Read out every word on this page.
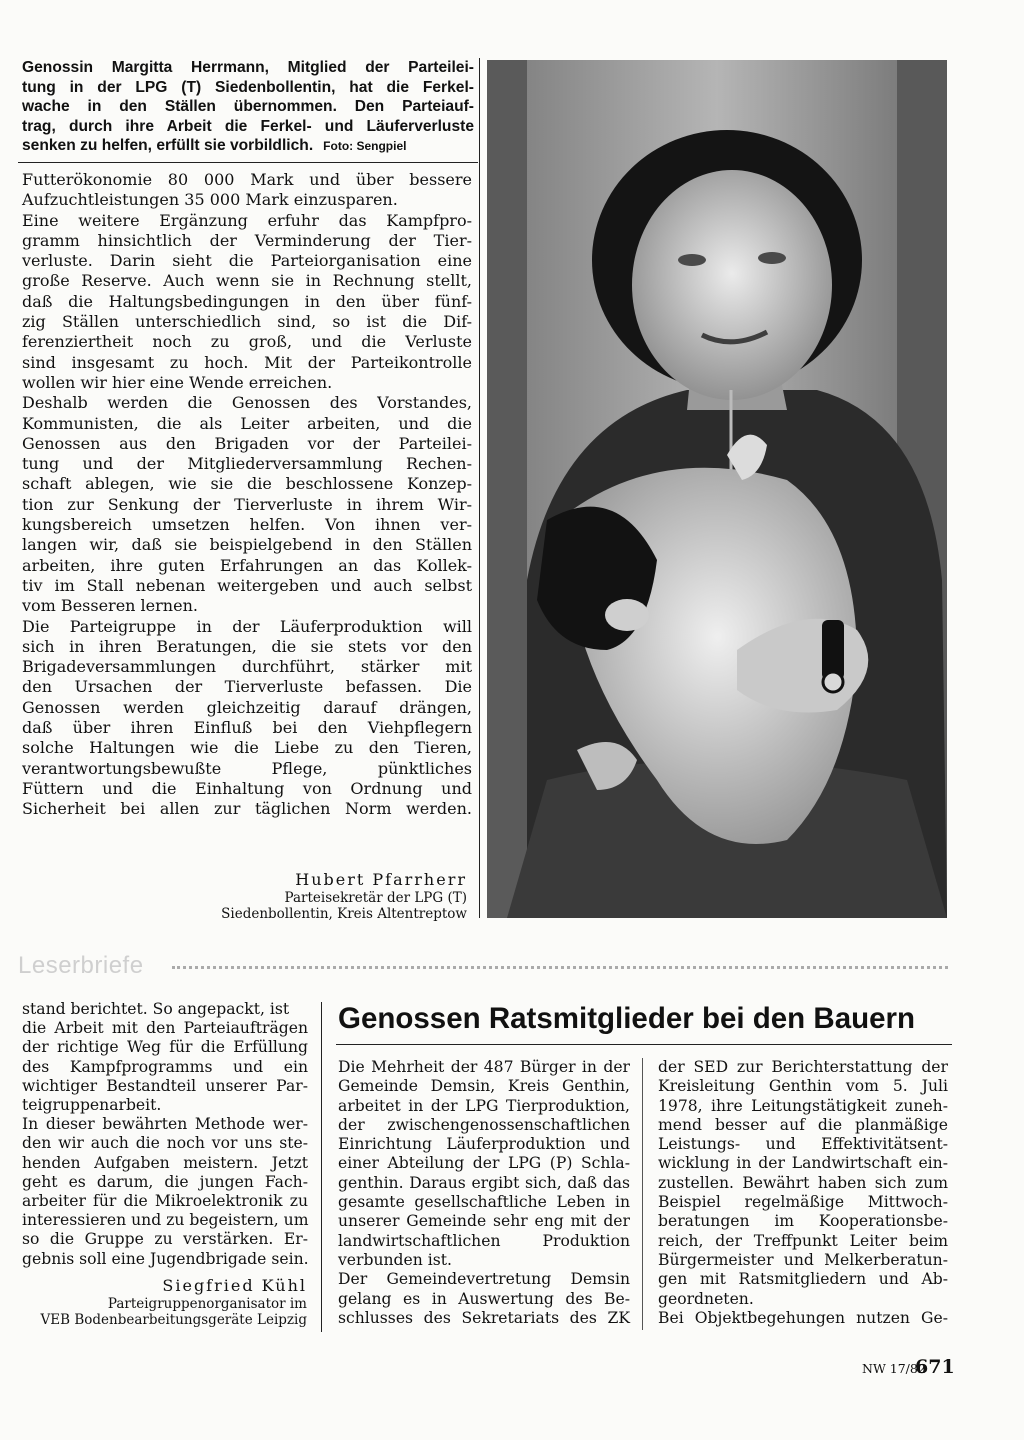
Genossin Margitta Herrmann, Mitglied der Parteilei-
tung in der LPG (T) Siedenbollentin, hat die Ferkel-
wache in den Ställen übernommen. Den Parteiauf-
trag, durch ihre Arbeit die Ferkel- und Läuferverluste
senken zu helfen, erfüllt sie vorbildlich. Foto: Sengpiel
Futterökonomie 80 000 Mark und über bessere
Aufzuchtleistungen 35 000 Mark einzusparen.
Eine weitere Ergänzung erfuhr das Kampfpro-
gramm hinsichtlich der Verminderung der Tier-
verluste. Darin sieht die Parteiorganisation eine
große Reserve. Auch wenn sie in Rechnung stellt,
daß die Haltungsbedingungen in den über fünf-
zig Ställen unterschiedlich sind, so ist die Dif-
ferenziertheit noch zu groß, und die Verluste
sind insgesamt zu hoch. Mit der Parteikontrolle
wollen wir hier eine Wende erreichen.
Deshalb werden die Genossen des Vorstandes,
Kommunisten, die als Leiter arbeiten, und die
Genossen aus den Brigaden vor der Parteilei-
tung und der Mitgliederversammlung Rechen-
schaft ablegen, wie sie die beschlossene Konzep-
tion zur Senkung der Tierverluste in ihrem Wir-
kungsbereich umsetzen helfen. Von ihnen ver-
langen wir, daß sie beispielgebend in den Ställen
arbeiten, ihre guten Erfahrungen an das Kollek-
tiv im Stall nebenan weitergeben und auch selbst
vom Besseren lernen.
Die Parteigruppe in der Läuferproduktion will
sich in ihren Beratungen, die sie stets vor den
Brigadeversammlungen durchführt, stärker mit
den Ursachen der Tierverluste befassen. Die
Genossen werden gleichzeitig darauf drängen,
daß über ihren Einfluß bei den Viehpflegern
solche Haltungen wie die Liebe zu den Tieren,
verantwortungsbewußte Pflege, pünktliches
Füttern und die Einhaltung von Ordnung und
Sicherheit bei allen zur täglichen Norm werden.
Hubert Pfarrherr
Parteisekretär der LPG (T)
Siedenbollentin, Kreis Altentreptow
Leserbriefe
stand berichtet. So angepackt, ist
die Arbeit mit den Parteiaufträgen
der richtige Weg für die Erfüllung
des Kampfprogramms und ein
wichtiger Bestandteil unserer Par-
teigruppenarbeit.
In dieser bewährten Methode wer-
den wir auch die noch vor uns ste-
henden Aufgaben meistern. Jetzt
geht es darum, die jungen Fach-
arbeiter für die Mikroelektronik zu
interessieren und zu begeistern, um
so die Gruppe zu verstärken. Er-
gebnis soll eine Jugendbrigade sein.
Siegfried Kühl
Parteigruppenorganisator im
VEB Bodenbearbeitungsgeräte Leipzig
Genossen Ratsmitglieder bei den Bauern
Die Mehrheit der 487 Bürger in der
Gemeinde Demsin, Kreis Genthin,
arbeitet in der LPG Tierproduktion,
der zwischengenossenschaftlichen
Einrichtung Läuferproduktion und
einer Abteilung der LPG (P) Schla-
genthin. Daraus ergibt sich, daß das
gesamte gesellschaftliche Leben in
unserer Gemeinde sehr eng mit der
landwirtschaftlichen Produktion
verbunden ist.
Der Gemeindevertretung Demsin
gelang es in Auswertung des Be-
schlusses des Sekretariats des ZK
der SED zur Berichterstattung der
Kreisleitung Genthin vom 5. Juli
1978, ihre Leitungstätigkeit zuneh-
mend besser auf die planmäßige
Leistungs- und Effektivitätsent-
wicklung in der Landwirtschaft ein-
zustellen. Bewährt haben sich zum
Beispiel regelmäßige Mittwoch-
beratungen im Kooperationsbe-
reich, der Treffpunkt Leiter beim
Bürgermeister und Melkerberatun-
gen mit Ratsmitgliedern und Ab-
geordneten.
Bei Objektbegehungen nutzen Ge-
NW 17/82
671
